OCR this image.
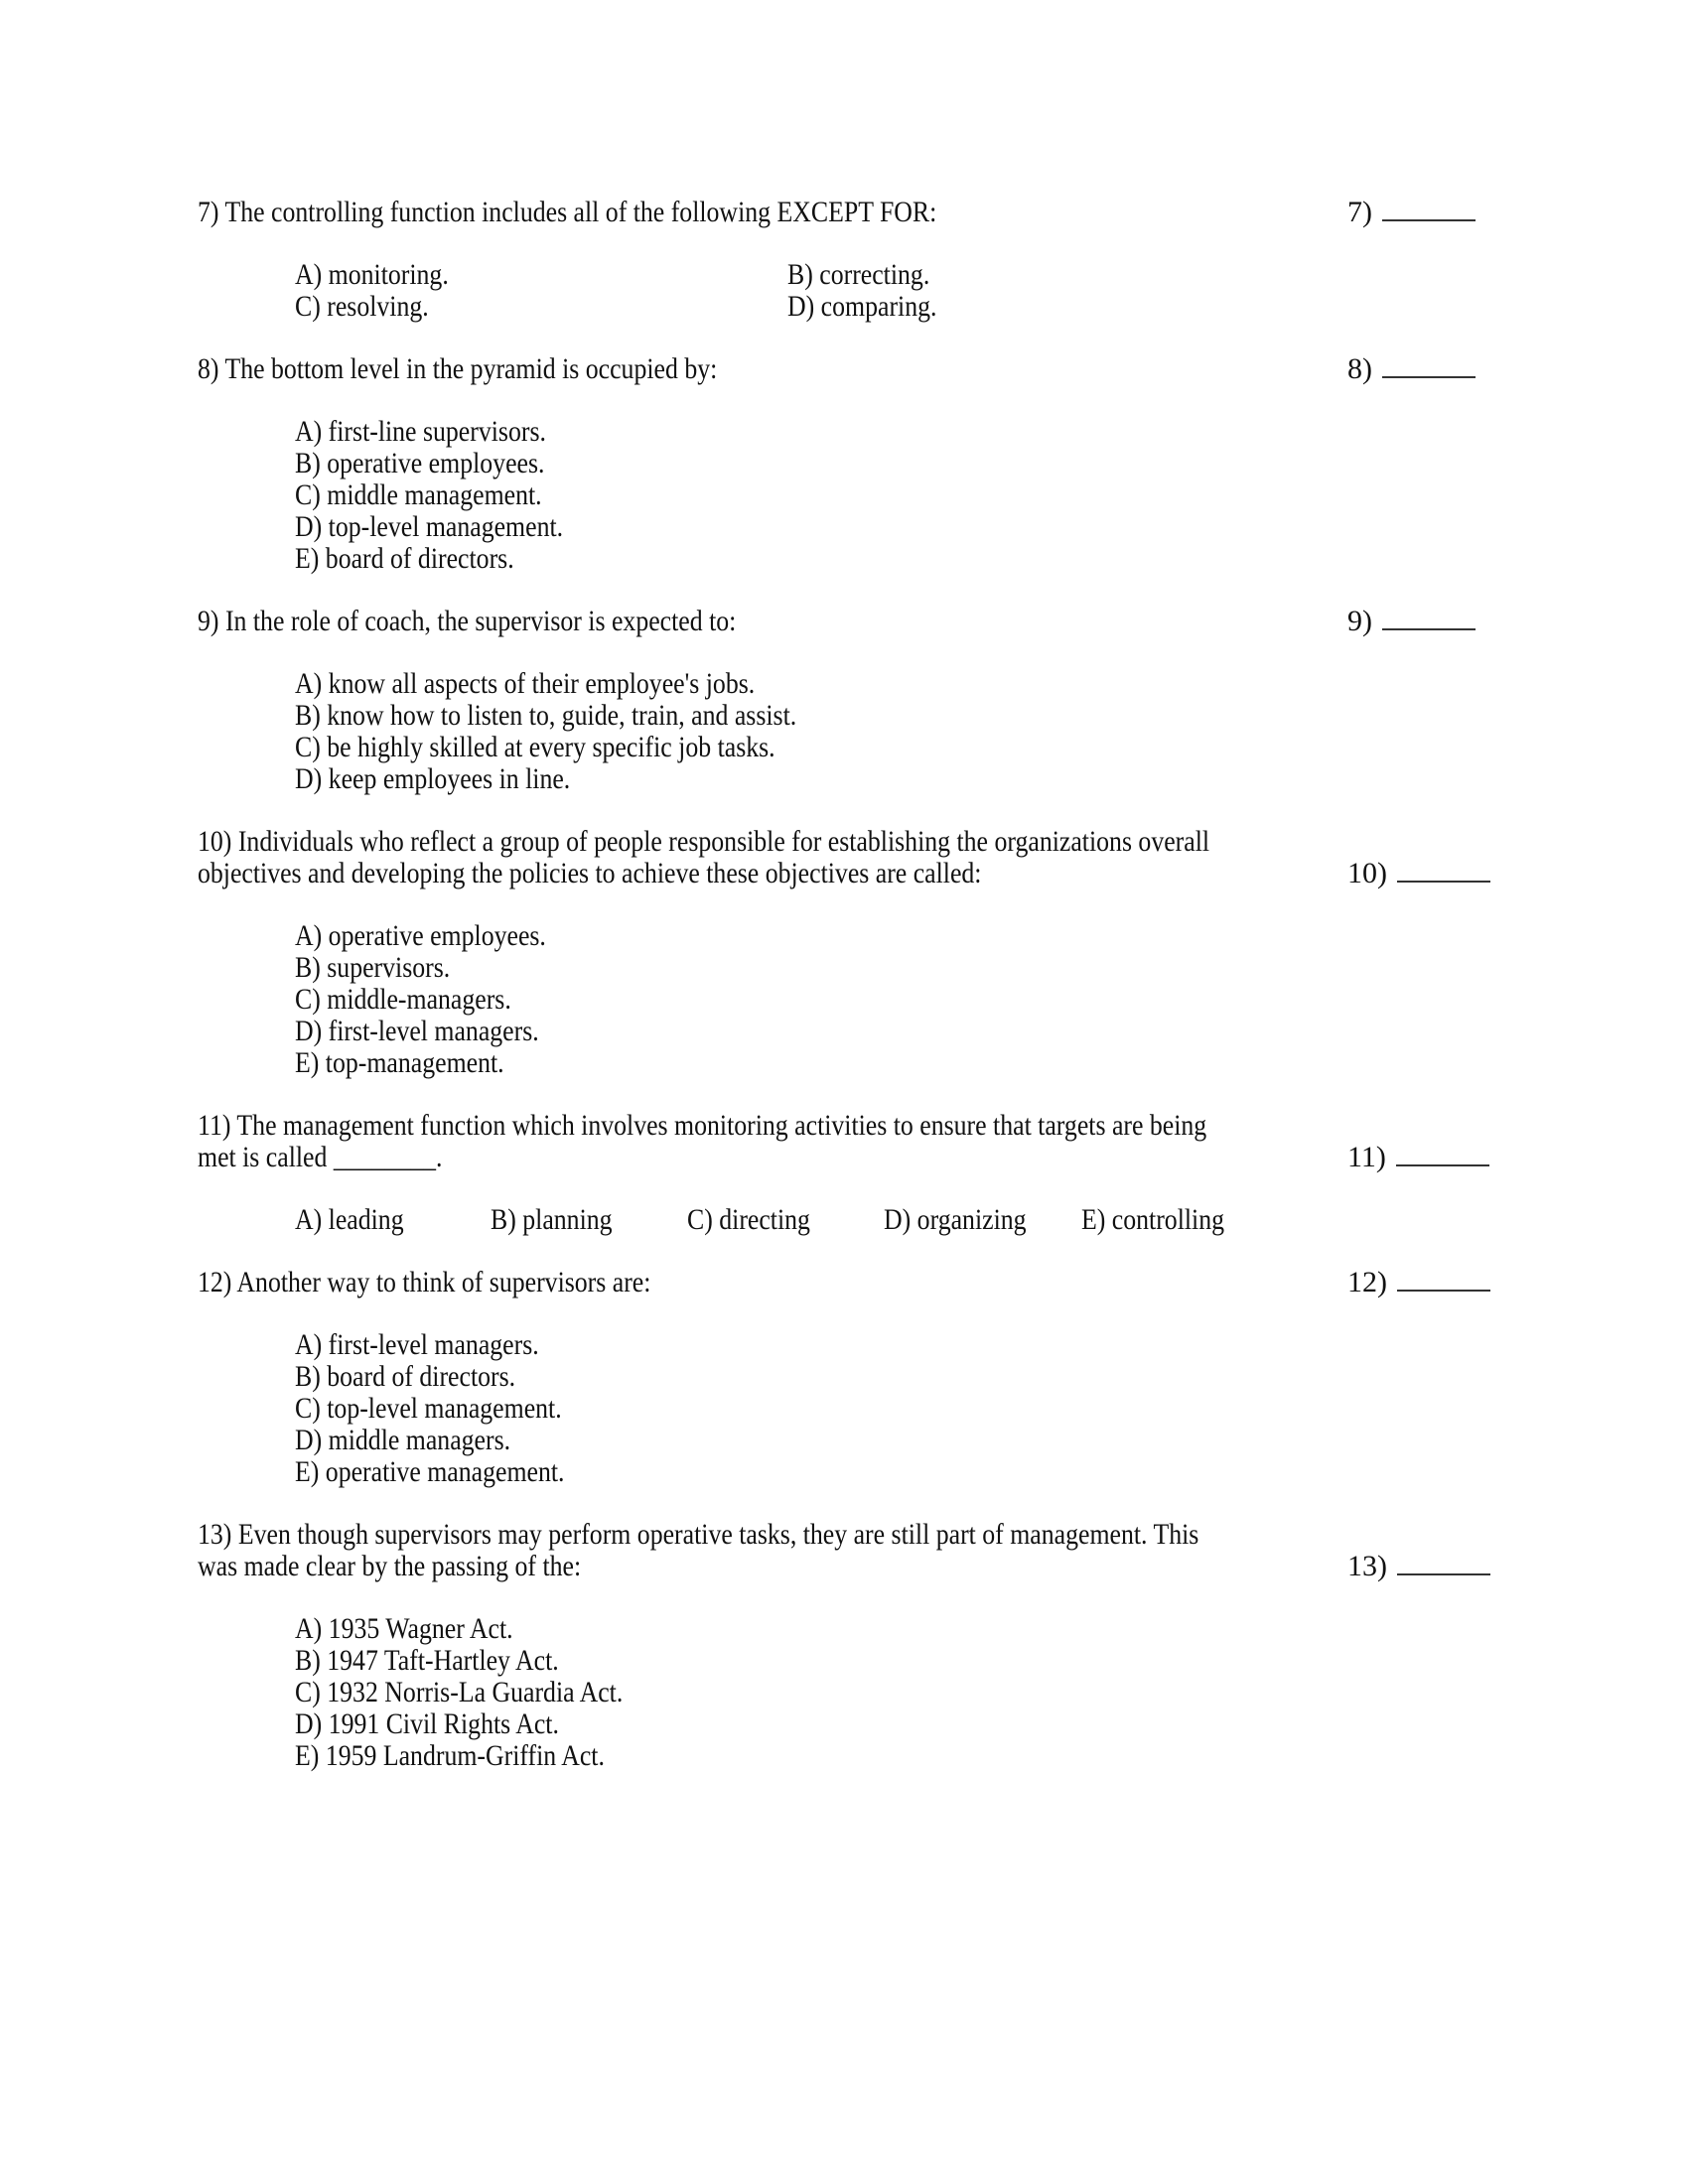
7) The controlling function includes all of the following EXCEPT FOR:	7)
A) monitoring.	B) correcting.
C) resolving.	D) comparing.
8) The bottom level in the pyramid is occupied by:	8)
A) first-line supervisors.
B) operative employees.
C) middle management.
D) top-level management.
E) board of directors.
9) In the role of coach, the supervisor is expected to:	9)
A) know all aspects of their employee's jobs.
B) know how to listen to, guide, train, and assist.
C) be highly skilled at every specific job tasks.
D) keep employees in line.
10) Individuals who reflect a group of people responsible for establishing the organizations overall
objectives and developing the policies to achieve these objectives are called:	10)
A) operative employees.
B) supervisors.
C) middle-managers.
D) first-level managers.
E) top-management.
11) The management function which involves monitoring activities to ensure that targets are being
met is called ________.	11)
A) leading	B) planning	C) directing	D) organizing	E) controlling
12) Another way to think of supervisors are:	12)
A) first-level managers.
B) board of directors.
C) top-level management.
D) middle managers.
E) operative management.
13) Even though supervisors may perform operative tasks, they are still part of management. This
was made clear by the passing of the:	13)
A) 1935 Wagner Act.
B) 1947 Taft-Hartley Act.
C) 1932 Norris-La Guardia Act.
D) 1991 Civil Rights Act.
E) 1959 Landrum-Griffin Act.
